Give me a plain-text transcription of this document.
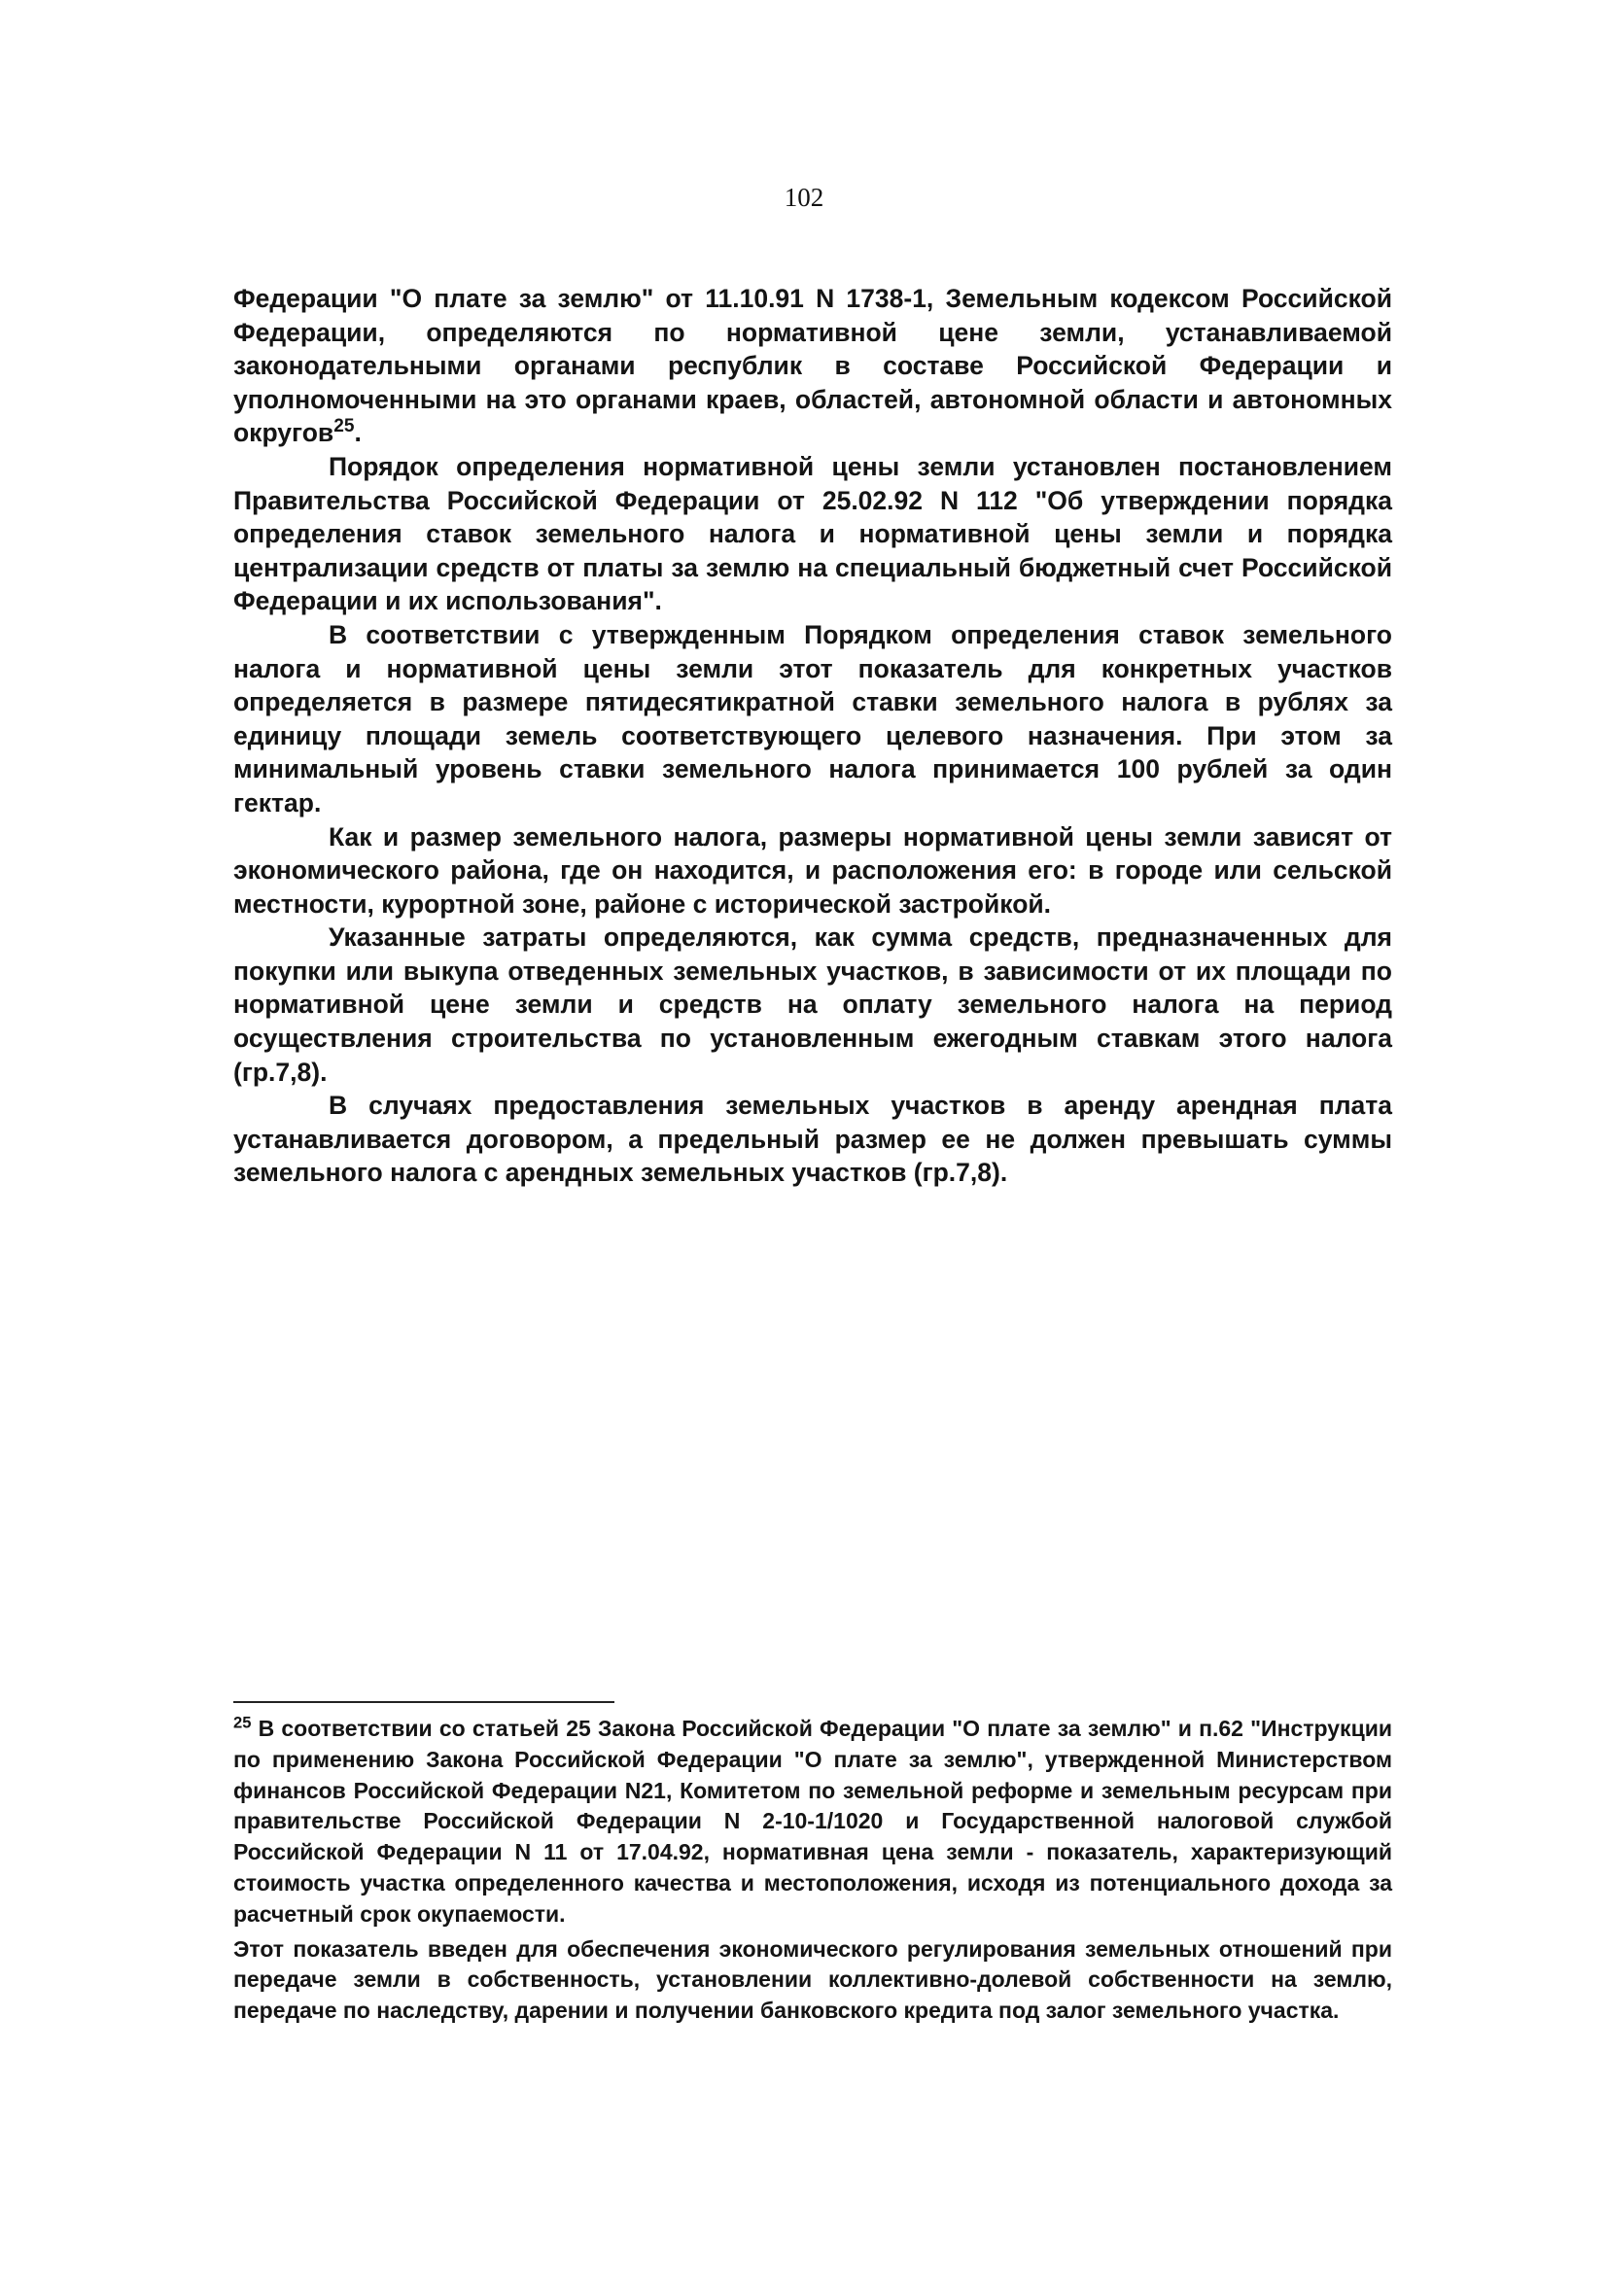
102

Федерации "О плате за землю" от 11.10.91 N 1738-1, Земельным кодексом Российской Федерации, определяются по нормативной цене земли, устанавливаемой законодательными органами республик в составе Российской Федерации и уполномоченными на это органами краев, областей, автономной области и автономных округов$^{25}$.

Порядок определения нормативной цены земли установлен постановлением Правительства Российской Федерации от 25.02.92 N 112 "Об утверждении порядка определения ставок земельного налога и нормативной цены земли и порядка централизации средств от платы за землю на специальный бюджетный счет Российской Федерации и их использования".

В соответствии с утвержденным Порядком определения ставок земельного налога и нормативной цены земли этот показатель для конкретных участков определяется в размере пятидесятикратной ставки земельного налога в рублях за единицу площади земель соответствующего целевого назначения. При этом за минимальный уровень ставки земельного налога принимается 100 рублей за один гектар.

Как и размер земельного налога, размеры нормативной цены земли зависят от экономического района, где он находится, и расположения его: в городе или сельской местности, курортной зоне, районе с исторической застройкой.

Указанные затраты определяются, как сумма средств, предназначенных для покупки или выкупа отведенных земельных участков, в зависимости от их площади по нормативной цене земли и средств на оплату земельного налога на период осуществления строительства по установленным ежегодным ставкам этого налога (гр.7,8).

В случаях предоставления земельных участков в аренду арендная плата устанавливается договором, а предельный размер ее не должен превышать суммы земельного налога с арендных земельных участков (гр.7,8).

$^{25}$ В соответствии со статьей 25 Закона Российской Федерации "О плате за землю" и п.62 "Инструкции по применению Закона Российской Федерации "О плате за землю", утвержденной Министерством финансов Российской Федерации N21, Комитетом по земельной реформе и земельным ресурсам при правительстве Российской Федерации N 2-10-1/1020 и Государственной налоговой службой Российской Федерации N 11 от 17.04.92, нормативная цена земли - показатель, характеризующий стоимость участка определенного качества и местоположения, исходя из потенциального дохода за расчетный срок окупаемости.

Этот показатель введен для обеспечения экономического регулирования земельных отношений при передаче земли в собственность, установлении коллективно-долевой собственности на землю, передаче по наследству, дарении и получении банковского кредита под залог земельного участка.
